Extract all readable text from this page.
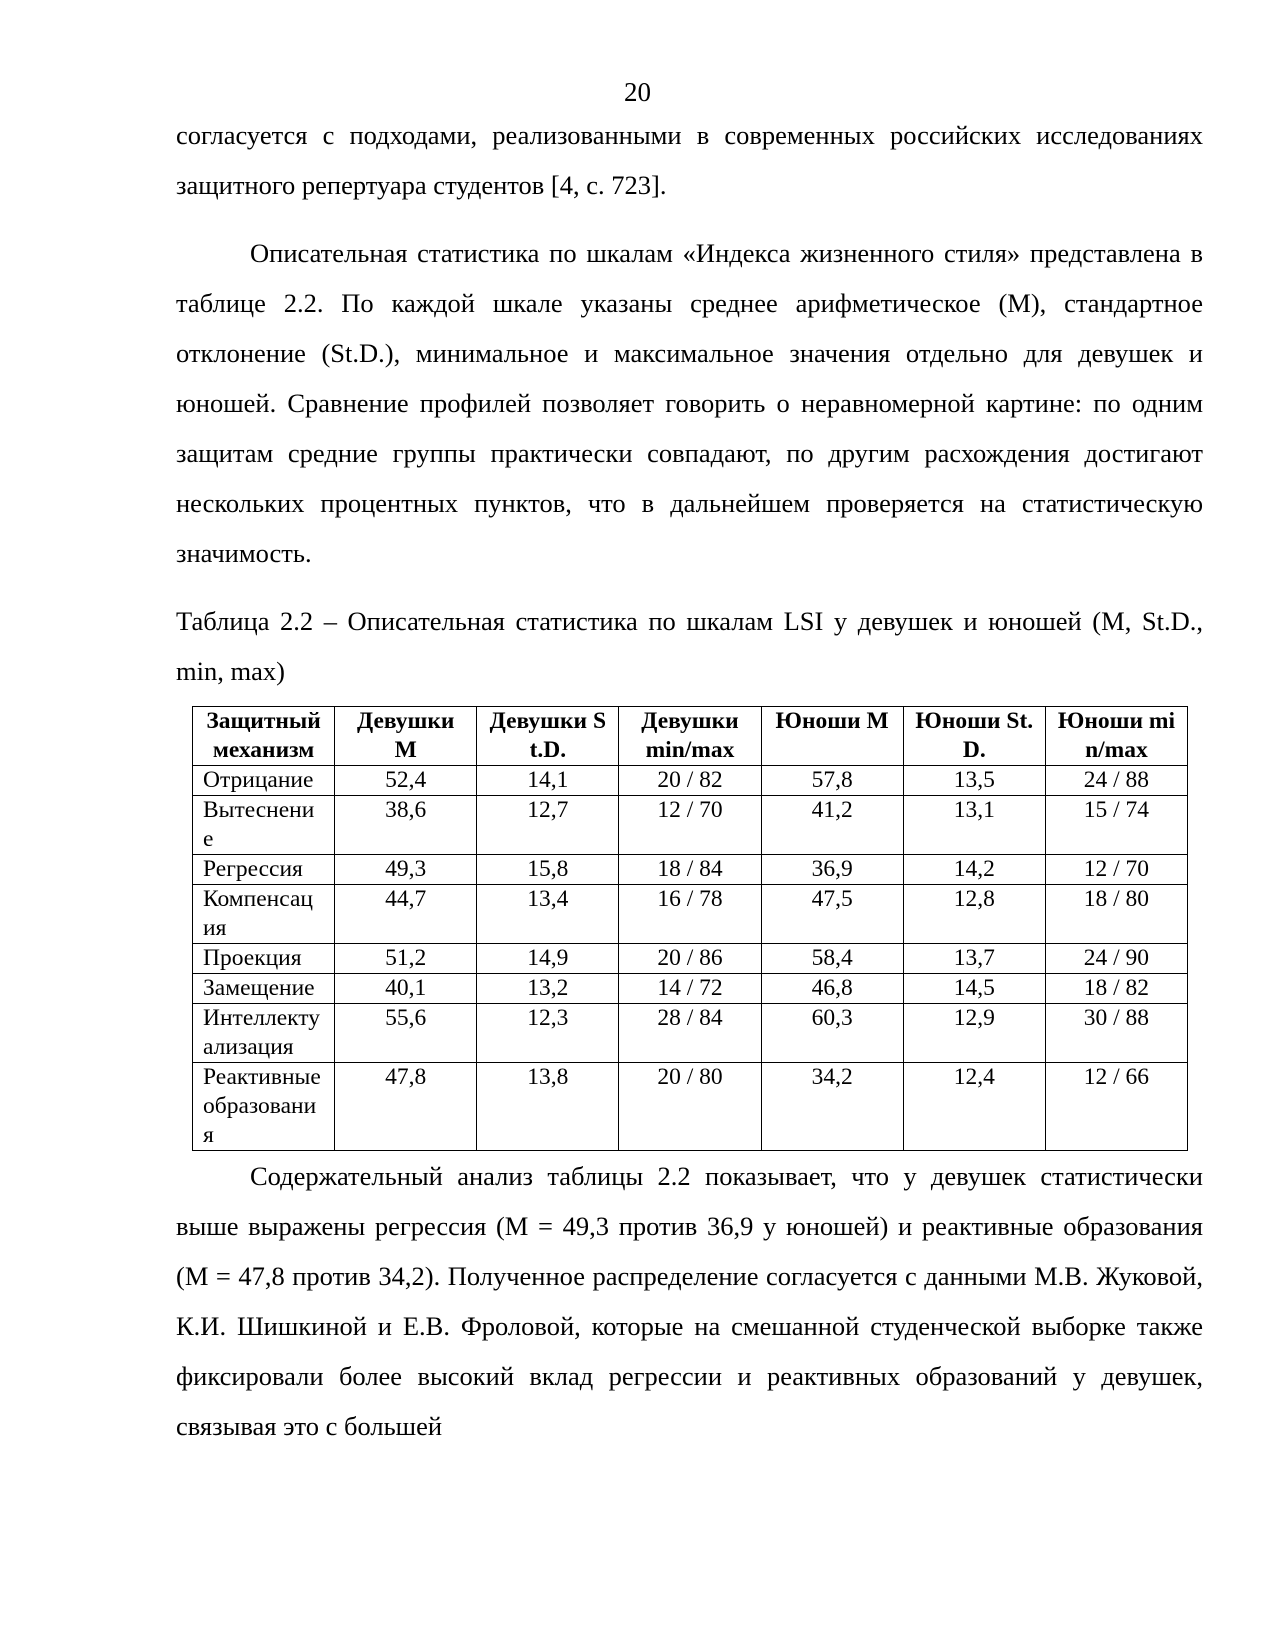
20

согласуется с подходами, реализованными в современных российских исследованиях защитного репертуара студентов [4, с. 723].

Описательная статистика по шкалам «Индекса жизненного стиля» представлена в таблице 2.2. По каждой шкале указаны среднее арифметическое (M), стандартное отклонение (St.D.), минимальное и максимальное значения отдельно для девушек и юношей. Сравнение профилей позволяет говорить о неравномерной картине: по одним защитам средние группы практически совпадают, по другим расхождения достигают нескольких процентных пунктов, что в дальнейшем проверяется на статистическую значимость.

Таблица 2.2 – Описательная статистика по шкалам LSI у девушек и юношей (M, St.D., min, max)

Защитный механизм	Девушки M	Девушки St.D.	Девушки min/max	Юноши M	Юноши St.D.	Юноши min/max
Отрицание	52,4	14,1	20 / 82	57,8	13,5	24 / 88
Вытеснение	38,6	12,7	12 / 70	41,2	13,1	15 / 74
Регрессия	49,3	15,8	18 / 84	36,9	14,2	12 / 70
Компенсация	44,7	13,4	16 / 78	47,5	12,8	18 / 80
Проекция	51,2	14,9	20 / 86	58,4	13,7	24 / 90
Замещение	40,1	13,2	14 / 72	46,8	14,5	18 / 82
Интеллектуализация	55,6	12,3	28 / 84	60,3	12,9	30 / 88
Реактивные образования	47,8	13,8	20 / 80	34,2	12,4	12 / 66

Содержательный анализ таблицы 2.2 показывает, что у девушек статистически выше выражены регрессия (M = 49,3 против 36,9 у юношей) и реактивные образования (M = 47,8 против 34,2). Полученное распределение согласуется с данными М.В. Жуковой, К.И. Шишкиной и Е.В. Фроловой, которые на смешанной студенческой выборке также фиксировали более высокий вклад регрессии и реактивных образований у девушек, связывая это с большей
